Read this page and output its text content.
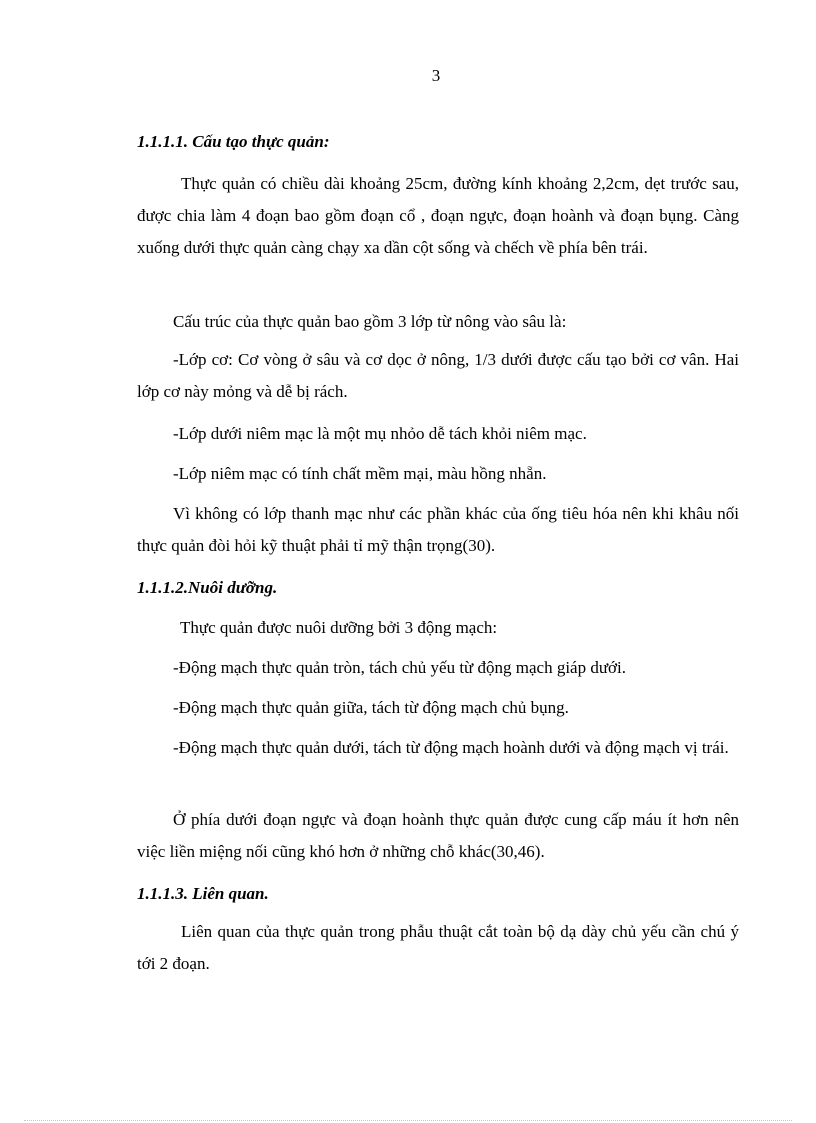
3
1.1.1.1. Cấu tạo thực quản:
Thực quản có chiều dài khoảng 25cm, đường kính khoảng 2,2cm, dẹt trước sau, được chia làm 4 đoạn bao gồm đoạn cổ , đoạn ngực, đoạn hoành và đoạn bụng. Càng xuống dưới thực quản càng chạy xa dần cột sống và chếch về phía bên trái.
Cấu trúc của thực quản bao gồm 3 lớp từ nông vào sâu là:
-Lớp cơ: Cơ vòng ở sâu và cơ dọc ở nông, 1/3 dưới được cấu tạo bởi cơ vân. Hai lớp cơ này mỏng và dễ bị rách.
-Lớp dưới niêm mạc là một mụ nhỏo dễ tách khỏi niêm mạc.
-Lớp niêm mạc có tính chất mềm mại, màu hồng nhẵn.
Vì không có lớp thanh mạc như các phần khác của ống tiêu hóa nên khi khâu nối thực quản đòi hỏi kỹ thuật phải tỉ mỹ thận trọng(30).
1.1.1.2.Nuôi dưỡng.
Thực quản được nuôi dưỡng bởi 3 động mạch:
-Động mạch thực quản tròn, tách chủ yếu từ động mạch giáp dưới.
-Động mạch thực quản giữa, tách từ động mạch chủ bụng.
-Động mạch thực quản dưới, tách từ động mạch hoành dưới và động mạch vị trái.
Ở phía dưới đoạn ngực và đoạn hoành thực quản được cung cấp máu ít hơn nên việc liền miệng nối cũng khó hơn ở những chỗ khác(30,46).
1.1.1.3. Liên quan.
Liên quan của thực quản trong phẫu thuật cắt toàn bộ dạ dày chủ yếu cần chú ý tới 2 đoạn.
